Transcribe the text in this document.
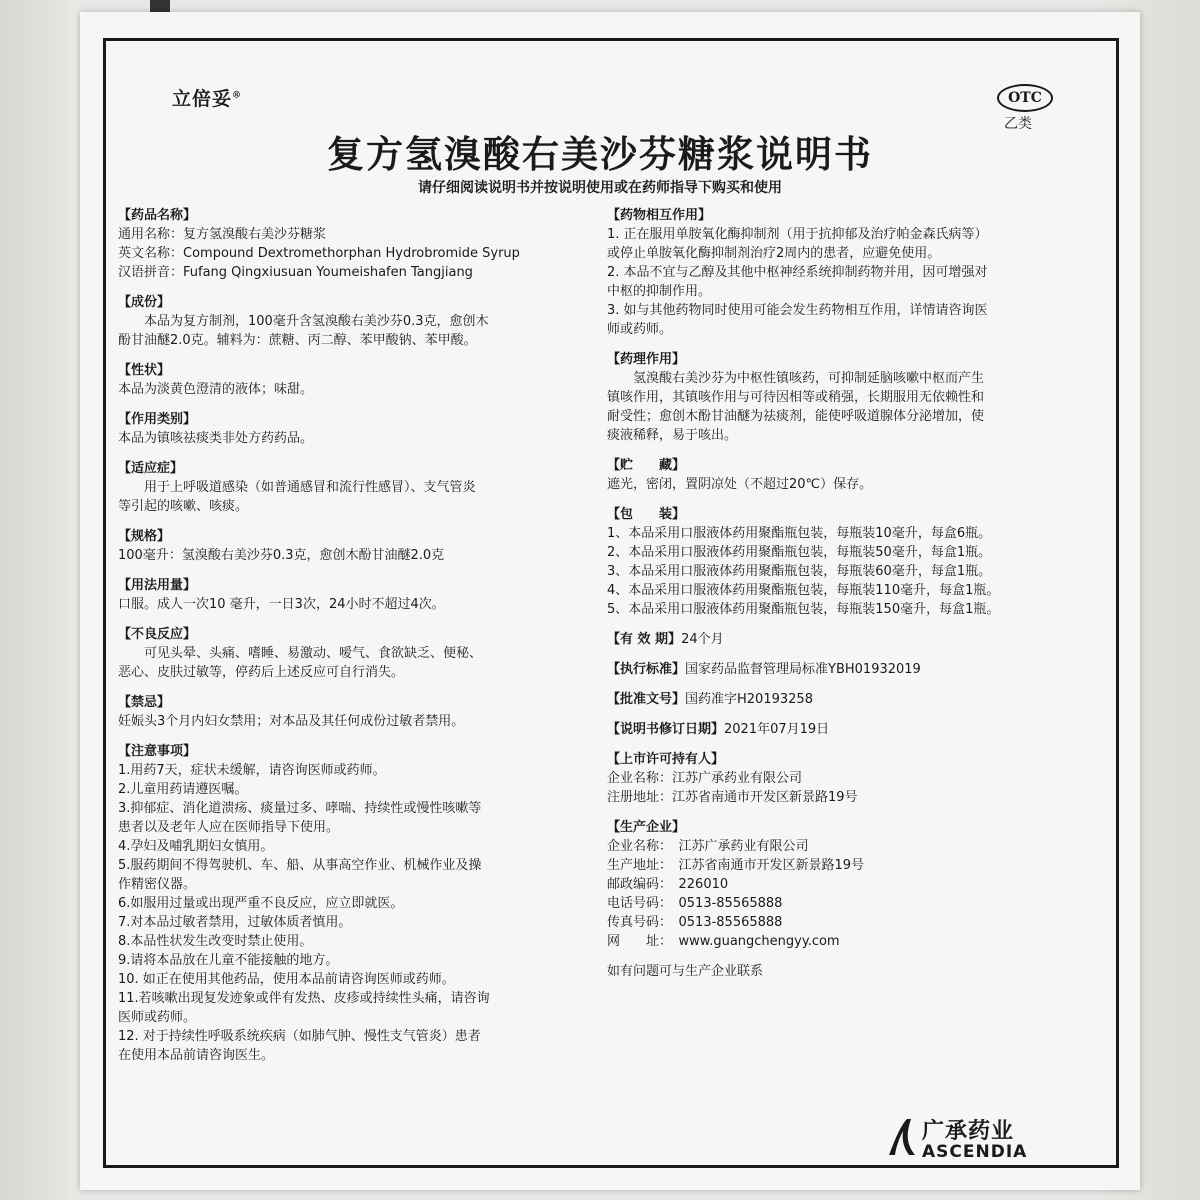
立倍妥®	OTC
乙类
复方氢溴酸右美沙芬糖浆说明书
请仔细阅读说明书并按说明使用或在药师指导下购买和使用
【药品名称】
通用名称：复方氢溴酸右美沙芬糖浆
英文名称：Compound Dextromethorphan Hydrobromide Syrup
汉语拼音：Fufang Qingxiusuan Youmeishafen Tangjiang
【成份】
本品为复方制剂，100毫升含氢溴酸右美沙芬0.3克，愈创木
酚甘油醚2.0克。辅料为：蔗糖、丙二醇、苯甲酸钠、苯甲酸。
【性状】
本品为淡黄色澄清的液体；味甜。
【作用类别】
本品为镇咳祛痰类非处方药药品。
【适应症】
用于上呼吸道感染（如普通感冒和流行性感冒）、支气管炎
等引起的咳嗽、咳痰。
【规格】
100毫升：氢溴酸右美沙芬0.3克，愈创木酚甘油醚2.0克
【用法用量】
口服。成人一次10 毫升，一日3次，24小时不超过4次。
【不良反应】
可见头晕、头痛、嗜睡、易激动、嗳气、食欲缺乏、便秘、
恶心、皮肤过敏等，停药后上述反应可自行消失。
【禁忌】
妊娠头3个月内妇女禁用；对本品及其任何成份过敏者禁用。
【注意事项】
1.用药7天，症状未缓解，请咨询医师或药师。
2.儿童用药请遵医嘱。
3.抑郁症、消化道溃疡、痰量过多、哮喘、持续性或慢性咳嗽等
患者以及老年人应在医师指导下使用。
4.孕妇及哺乳期妇女慎用。
5.服药期间不得驾驶机、车、船、从事高空作业、机械作业及操
作精密仪器。
6.如服用过量或出现严重不良反应，应立即就医。
7.对本品过敏者禁用，过敏体质者慎用。
8.本品性状发生改变时禁止使用。
9.请将本品放在儿童不能接触的地方。
10. 如正在使用其他药品，使用本品前请咨询医师或药师。
11.若咳嗽出现复发迹象或伴有发热、皮疹或持续性头痛，请咨询
医师或药师。
12. 对于持续性呼吸系统疾病（如肺气肿、慢性支气管炎）患者
在使用本品前请咨询医生。
【药物相互作用】
1. 正在服用单胺氧化酶抑制剂（用于抗抑郁及治疗帕金森氏病等）
或停止单胺氧化酶抑制剂治疗2周内的患者，应避免使用。
2. 本品不宜与乙醇及其他中枢神经系统抑制药物并用，因可增强对
中枢的抑制作用。
3. 如与其他药物同时使用可能会发生药物相互作用，详情请咨询医
师或药师。
【药理作用】
氢溴酸右美沙芬为中枢性镇咳药，可抑制延脑咳嗽中枢而产生
镇咳作用，其镇咳作用与可待因相等或稍强，长期服用无依赖性和
耐受性；愈创木酚甘油醚为祛痰剂，能使呼吸道腺体分泌增加，使
痰液稀释，易于咳出。
【贮　　藏】
遮光，密闭，置阴凉处（不超过20℃）保存。
【包　　装】
1、本品采用口服液体药用聚酯瓶包装，每瓶装10毫升，每盒6瓶。
2、本品采用口服液体药用聚酯瓶包装，每瓶装50毫升，每盒1瓶。
3、本品采用口服液体药用聚酯瓶包装，每瓶装60毫升，每盒1瓶。
4、本品采用口服液体药用聚酯瓶包装，每瓶装110毫升，每盒1瓶。
5、本品采用口服液体药用聚酯瓶包装，每瓶装150毫升，每盒1瓶。
【有 效 期】24个月
【执行标准】国家药品监督管理局标准YBH01932019
【批准文号】国药准字H20193258
【说明书修订日期】2021年07月19日
【上市许可持有人】
企业名称：江苏广承药业有限公司
注册地址：江苏省南通市开发区新景路19号
【生产企业】
企业名称：　江苏广承药业有限公司
生产地址：　江苏省南通市开发区新景路19号
邮政编码：　226010
电话号码：　0513-85565888
传真号码：　0513-85565888
网　　址：　www.guangchengyy.com
如有问题可与生产企业联系
广承药业
ASCENDIA
